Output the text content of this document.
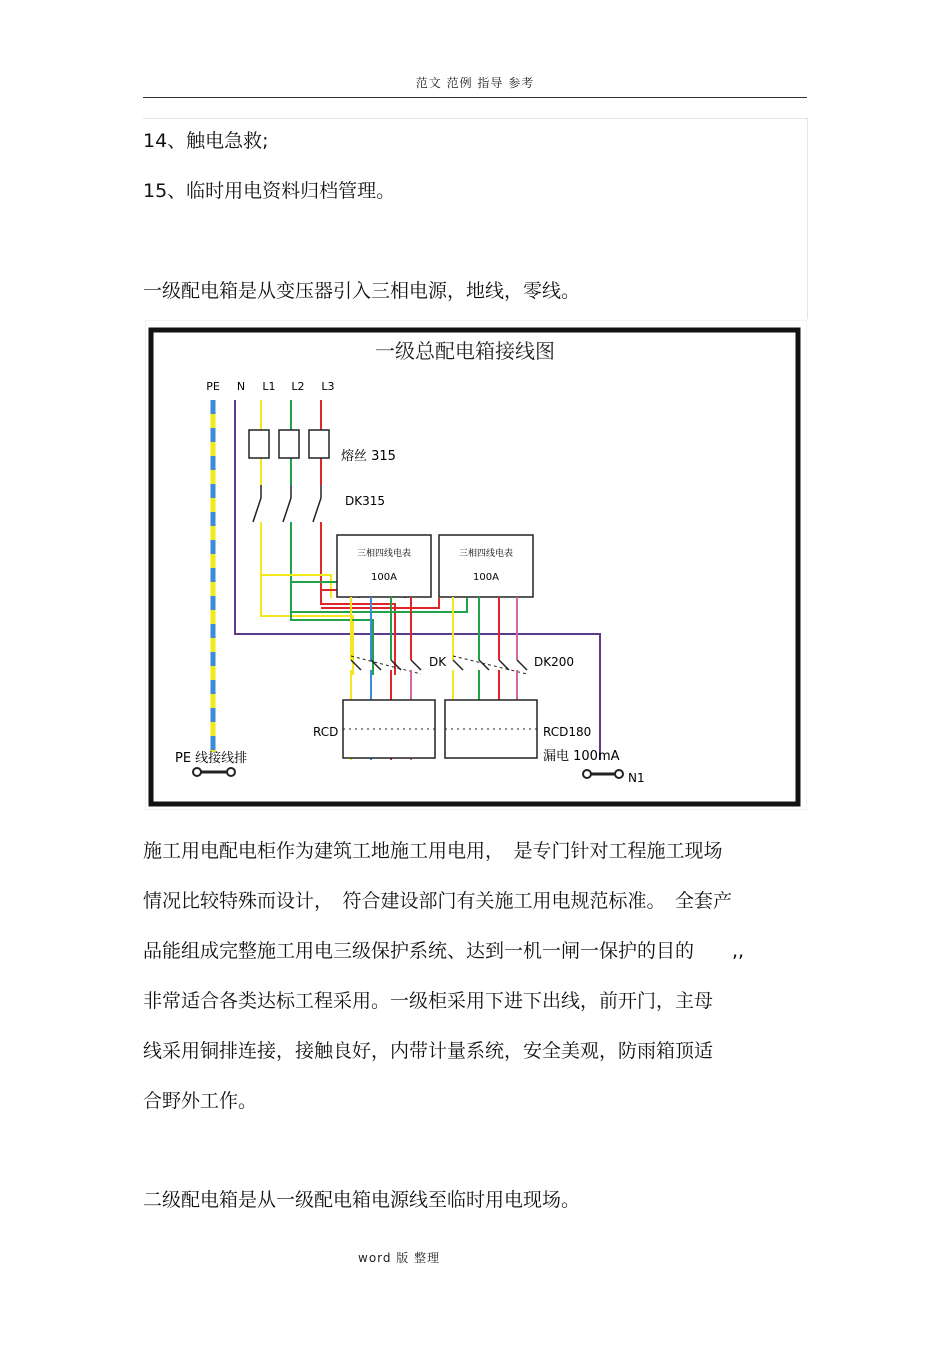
范文 范例 指导 参考
14、触电急救;
15、临时用电资料归档管理。
一级配电箱是从变压器引入三相电源，地线，零线。
一级总配电箱接线图
PE N L1 L2 L3
熔丝 315
DK315
三相四线电表
100A
三相四线电表
100A
DK	DK200
RCD	RCD180
漏电 100mA
PE 线接线排
N1
施工用电配电柜作为建筑工地施工用电用，　是专门针对工程施工现场
情况比较特殊而设计，　符合建设部门有关施工用电规范标准。　全套产
品能组成完整施工用电三级保护系统、达到一机一闸一保护的目的　　,,
非常适合各类达标工程采用。一级柜采用下进下出线，前开门，主母
线采用铜排连接，接触良好，内带计量系统，安全美观，防雨箱顶适
合野外工作。
二级配电箱是从一级配电箱电源线至临时用电现场。
word 版 整理
